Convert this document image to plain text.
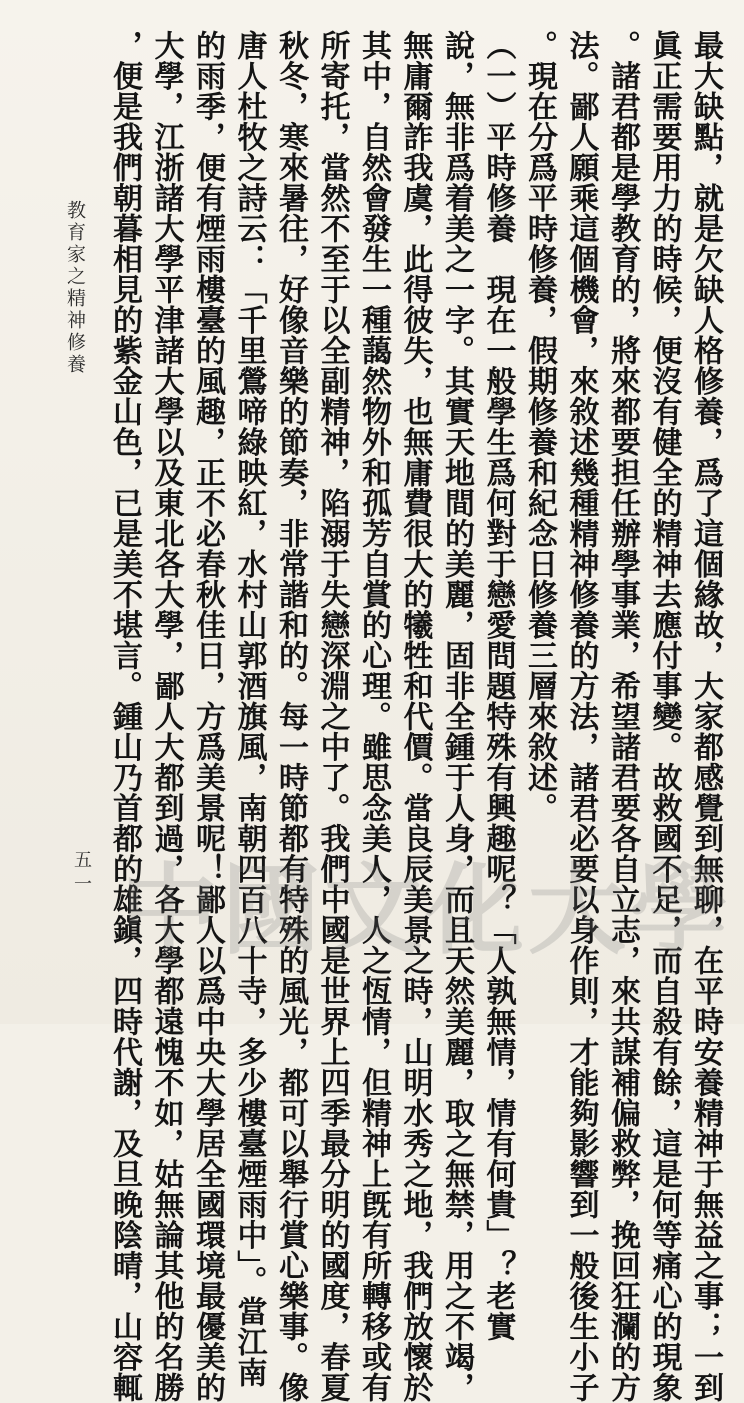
最大缺點，就是欠缺人格修養，爲了這個緣故，大家都感覺到無聊，在平時安養精神于無益之事；一到
眞正需要用力的時候，便沒有健全的精神去應付事變。故救國不足，而自殺有餘，這是何等痛心的現象
。諸君都是學教育的，將來都要担任辦學事業，希望諸君要各自立志，來共謀補偏救弊，挽回狂瀾的方
法。鄙人願乘這個機會，來敘述幾種精神修養的方法，諸君必要以身作則，才能夠影響到一般後生小子
。現在分爲平時修養，假期修養和紀念日修養三層來敘述。
（一）平時修養　現在一般學生爲何對于戀愛問題特殊有興趣呢？「人孰無情，情有何貴」？老實
說，無非爲着美之一字。其實天地間的美麗，固非全鍾于人身，而且天然美麗，取之無禁，用之不竭，
無庸爾詐我虞，此得彼失，也無庸費很大的犧牲和代價。當良辰美景之時，山明水秀之地，我們放懷於
其中，自然會發生一種藹然物外和孤芳自賞的心理。雖思念美人，人之恆情，但精神上旣有所轉移或有
所寄托，當然不至于以全副精神，陷溺于失戀深淵之中了。我們中國是世界上四季最分明的國度，春夏
秋冬，寒來暑往，好像音樂的節奏，非常諧和的。每一時節都有特殊的風光，都可以舉行賞心樂事。像
唐人杜牧之詩云：「千里鶯啼綠映紅，水村山郭酒旗風，南朝四百八十寺，多少樓臺煙雨中」。當江南
的雨季，便有煙雨樓臺的風趣，正不必春秋佳日，方爲美景呢！鄙人以爲中央大學居全國環境最優美的
大學，江浙諸大學平津諸大學以及東北各大學，鄙人大都到過，各大學都遠愧不如，姑無論其他的名勝
，便是我們朝暮相見的紫金山色，已是美不堪言。鍾山乃首都的雄鎭，四時代謝，及旦晚陰晴，山容輒
教育家之精神修養
五一 中國文化大學
